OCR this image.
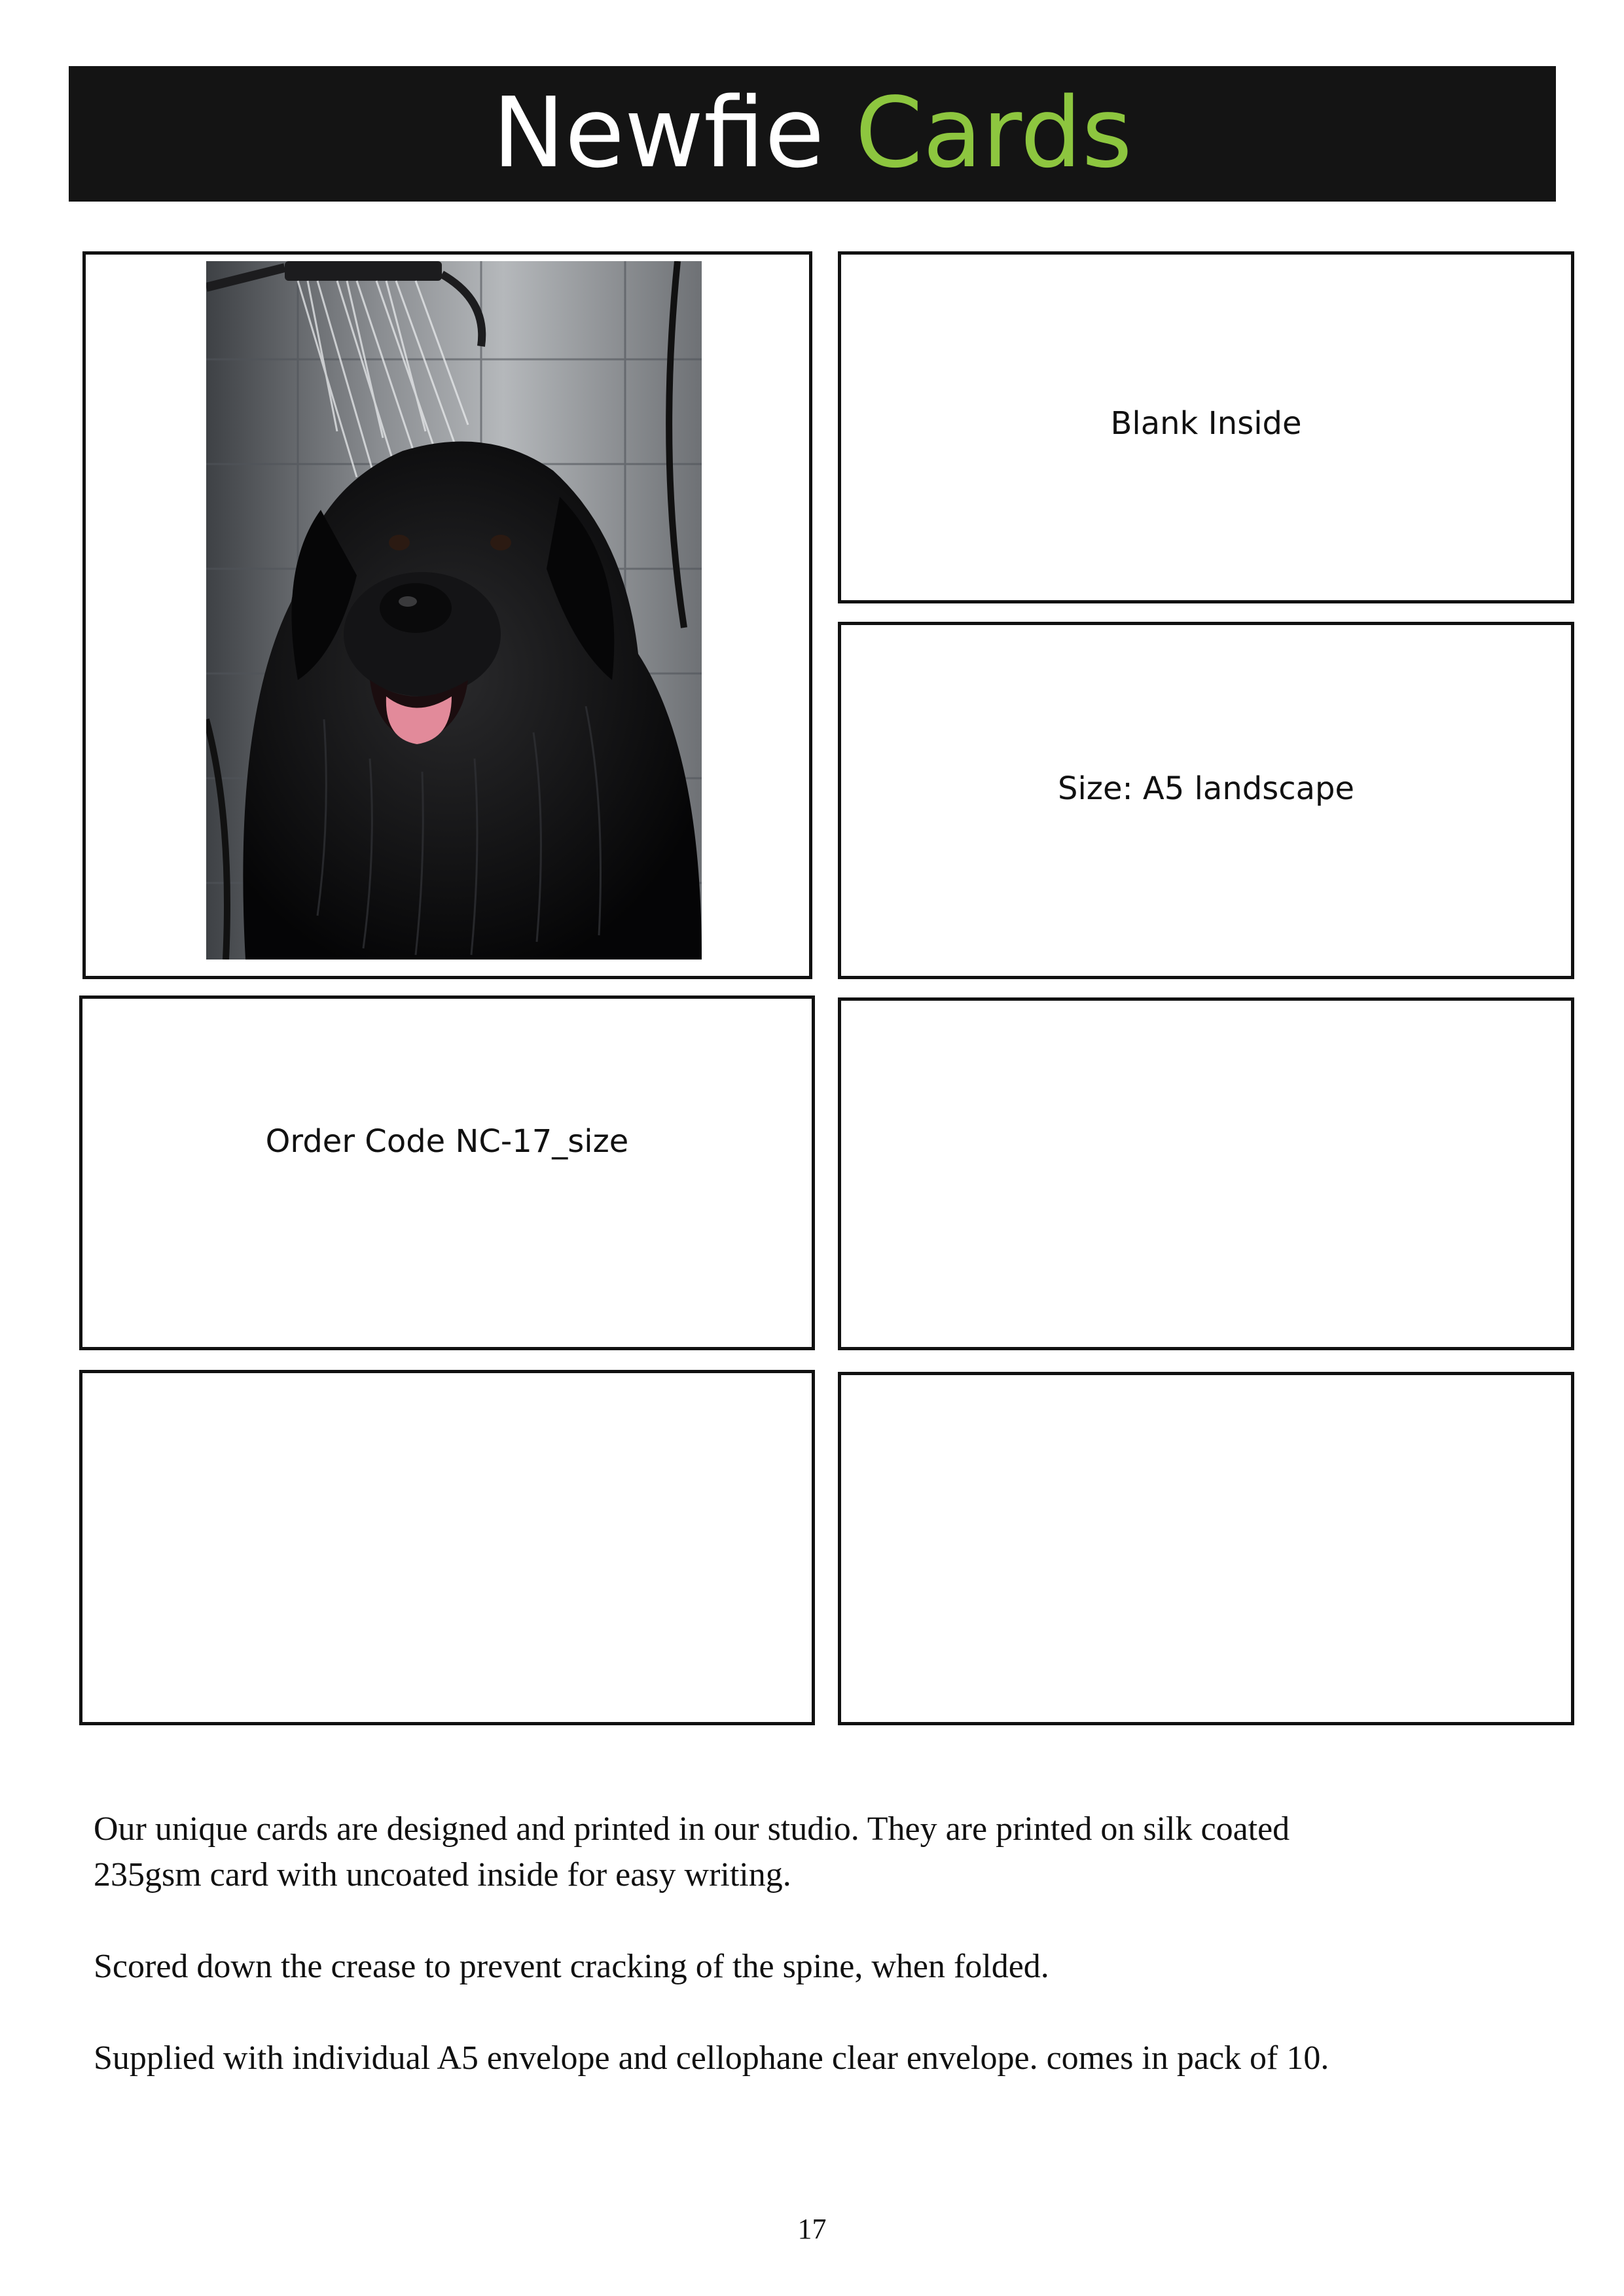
Newfie Cards
Blank Inside
Size: A5 landscape
Order Code NC-17_size
Our unique cards are designed and printed in our studio. They are printed on silk coated
235gsm card with uncoated inside for easy writing.
Scored down the crease to prevent cracking of the spine, when folded.
Supplied with individual A5 envelope and cellophane clear envelope. comes in pack of 10.
17
